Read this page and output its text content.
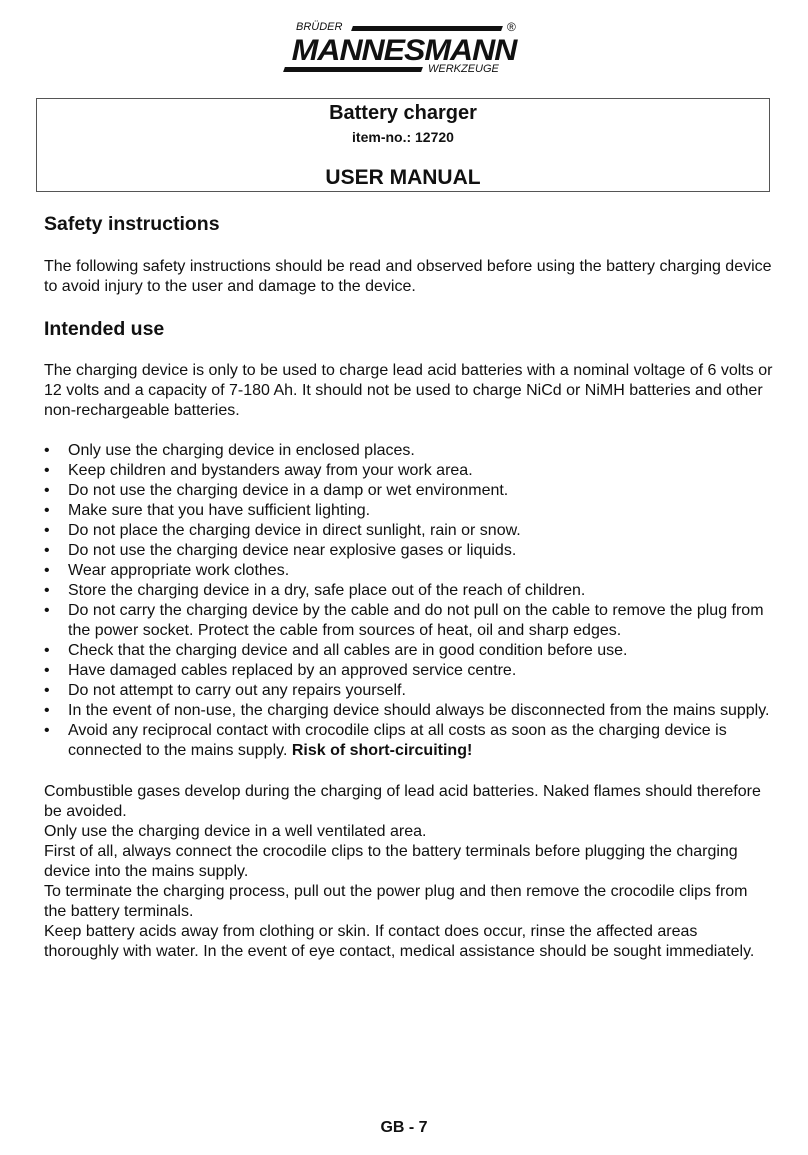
BRÜDER	®
MANNESMANN
WERKZEUGE
Battery charger
item-no.: 12720
USER MANUAL
Safety instructions

The following safety instructions should be read and observed before using the battery charging device to avoid injury to the user and damage to the device.

Intended use

The charging device is only to be used to charge lead acid batteries with a nominal voltage of 6 volts or 12 volts and a capacity of 7-180 Ah. It should not be used to charge NiCd or NiMH batteries and other non-rechargeable batteries.

• Only use the charging device in enclosed places.
• Keep children and bystanders away from your work area.
• Do not use the charging device in a damp or wet environment.
• Make sure that you have sufficient lighting.
• Do not place the charging device in direct sunlight, rain or snow.
• Do not use the charging device near explosive gases or liquids.
• Wear appropriate work clothes.
• Store the charging device in a dry, safe place out of the reach of children.
• Do not carry the charging device by the cable and do not pull on the cable to remove the plug from the power socket. Protect the cable from sources of heat, oil and sharp edges.
• Check that the charging device and all cables are in good condition before use.
• Have damaged cables replaced by an approved service centre.
• Do not attempt to carry out any repairs yourself.
• In the event of non-use, the charging device should always be disconnected from the mains supply.
• Avoid any reciprocal contact with crocodile clips at all costs as soon as the charging device is connected to the mains supply. Risk of short-circuiting!

Combustible gases develop during the charging of lead acid batteries. Naked flames should therefore be avoided.

Only use the charging device in a well ventilated area.

First of all, always connect the crocodile clips to the battery terminals before plugging the charging device into the mains supply.

To terminate the charging process, pull out the power plug and then remove the crocodile clips from the battery terminals.

Keep battery acids away from clothing or skin. If contact does occur, rinse the affected areas thoroughly with water. In the event of eye contact, medical assistance should be sought immediately.

GB - 7
